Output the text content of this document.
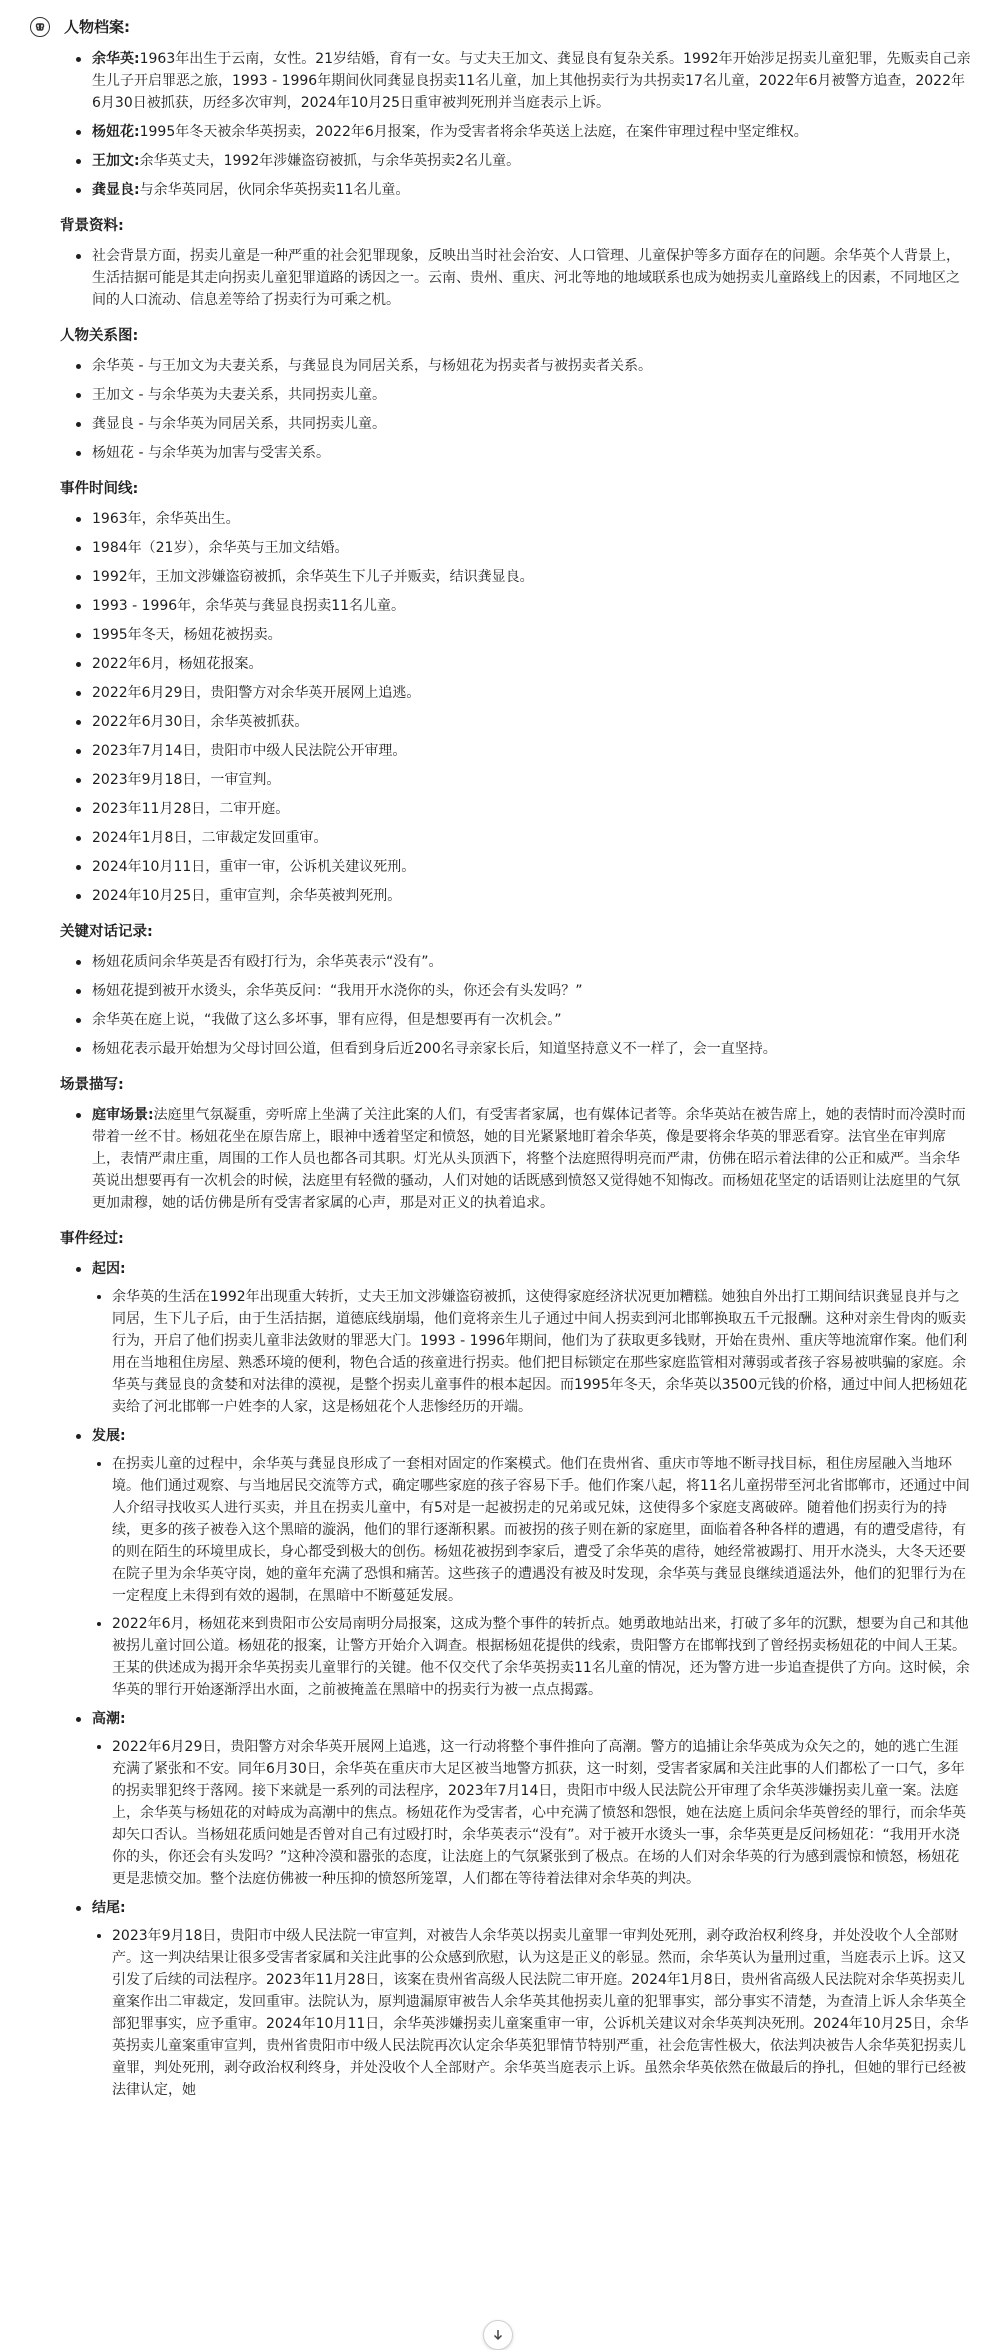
人物档案:
余华英:1963年出生于云南，女性。21岁结婚，育有一女。与丈夫王加文、龚显良有复杂关系。1992年开始涉足拐卖儿童犯罪，先贩卖自己亲生儿子开启罪恶之旅，1993 - 1996年期间伙同龚显良拐卖11名儿童，加上其他拐卖行为共拐卖17名儿童，2022年6月被警方追查，2022年6月30日被抓获，历经多次审判，2024年10月25日重审被判死刑并当庭表示上诉。
杨妞花:1995年冬天被余华英拐卖，2022年6月报案，作为受害者将余华英送上法庭，在案件审理过程中坚定维权。
王加文:余华英丈夫，1992年涉嫌盗窃被抓，与余华英拐卖2名儿童。
龚显良:与余华英同居，伙同余华英拐卖11名儿童。
背景资料:
社会背景方面，拐卖儿童是一种严重的社会犯罪现象，反映出当时社会治安、人口管理、儿童保护等多方面存在的问题。余华英个人背景上，生活拮据可能是其走向拐卖儿童犯罪道路的诱因之一。云南、贵州、重庆、河北等地的地域联系也成为她拐卖儿童路线上的因素，不同地区之间的人口流动、信息差等给了拐卖行为可乘之机。
人物关系图:
余华英 - 与王加文为夫妻关系，与龚显良为同居关系，与杨妞花为拐卖者与被拐卖者关系。
王加文 - 与余华英为夫妻关系，共同拐卖儿童。
龚显良 - 与余华英为同居关系，共同拐卖儿童。
杨妞花 - 与余华英为加害与受害关系。
事件时间线:
1963年，余华英出生。
1984年（21岁），余华英与王加文结婚。
1992年，王加文涉嫌盗窃被抓，余华英生下儿子并贩卖，结识龚显良。
1993 - 1996年，余华英与龚显良拐卖11名儿童。
1995年冬天，杨妞花被拐卖。
2022年6月，杨妞花报案。
2022年6月29日，贵阳警方对余华英开展网上追逃。
2022年6月30日，余华英被抓获。
2023年7月14日，贵阳市中级人民法院公开审理。
2023年9月18日，一审宣判。
2023年11月28日，二审开庭。
2024年1月8日，二审裁定发回重审。
2024年10月11日，重审一审，公诉机关建议死刑。
2024年10月25日，重审宣判，余华英被判死刑。
关键对话记录:
杨妞花质问余华英是否有殴打行为，余华英表示“没有”。
杨妞花提到被开水烫头，余华英反问：“我用开水浇你的头，你还会有头发吗？”
余华英在庭上说，“我做了这么多坏事，罪有应得，但是想要再有一次机会。”
杨妞花表示最开始想为父母讨回公道，但看到身后近200名寻亲家长后，知道坚持意义不一样了，会一直坚持。
场景描写:
庭审场景:法庭里气氛凝重，旁听席上坐满了关注此案的人们，有受害者家属，也有媒体记者等。余华英站在被告席上，她的表情时而冷漠时而带着一丝不甘。杨妞花坐在原告席上，眼神中透着坚定和愤怒，她的目光紧紧地盯着余华英，像是要将余华英的罪恶看穿。法官坐在审判席上，表情严肃庄重，周围的工作人员也都各司其职。灯光从头顶洒下，将整个法庭照得明亮而严肃，仿佛在昭示着法律的公正和威严。当余华英说出想要再有一次机会的时候，法庭里有轻微的骚动，人们对她的话既感到愤怒又觉得她不知悔改。而杨妞花坚定的话语则让法庭里的气氛更加肃穆，她的话仿佛是所有受害者家属的心声，那是对正义的执着追求。
事件经过:
起因:
余华英的生活在1992年出现重大转折，丈夫王加文涉嫌盗窃被抓，这使得家庭经济状况更加糟糕。她独自外出打工期间结识龚显良并与之同居，生下儿子后，由于生活拮据，道德底线崩塌，他们竟将亲生儿子通过中间人拐卖到河北邯郸换取五千元报酬。这种对亲生骨肉的贩卖行为，开启了他们拐卖儿童非法敛财的罪恶大门。1993 - 1996年期间，他们为了获取更多钱财，开始在贵州、重庆等地流窜作案。他们利用在当地租住房屋、熟悉环境的便利，物色合适的孩童进行拐卖。他们把目标锁定在那些家庭监管相对薄弱或者孩子容易被哄骗的家庭。余华英与龚显良的贪婪和对法律的漠视，是整个拐卖儿童事件的根本起因。而1995年冬天，余华英以3500元钱的价格，通过中间人把杨妞花卖给了河北邯郸一户姓李的人家，这是杨妞花个人悲惨经历的开端。
发展:
在拐卖儿童的过程中，余华英与龚显良形成了一套相对固定的作案模式。他们在贵州省、重庆市等地不断寻找目标，租住房屋融入当地环境。他们通过观察、与当地居民交流等方式，确定哪些家庭的孩子容易下手。他们作案八起，将11名儿童拐带至河北省邯郸市，还通过中间人介绍寻找收买人进行买卖，并且在拐卖儿童中，有5对是一起被拐走的兄弟或兄妹，这使得多个家庭支离破碎。随着他们拐卖行为的持续，更多的孩子被卷入这个黑暗的漩涡，他们的罪行逐渐积累。而被拐的孩子则在新的家庭里，面临着各种各样的遭遇，有的遭受虐待，有的则在陌生的环境里成长，身心都受到极大的创伤。杨妞花被拐到李家后，遭受了余华英的虐待，她经常被踢打、用开水浇头，大冬天还要在院子里为余华英守岗，她的童年充满了恐惧和痛苦。这些孩子的遭遇没有被及时发现，余华英与龚显良继续逍遥法外，他们的犯罪行为在一定程度上未得到有效的遏制，在黑暗中不断蔓延发展。
2022年6月，杨妞花来到贵阳市公安局南明分局报案，这成为整个事件的转折点。她勇敢地站出来，打破了多年的沉默，想要为自己和其他被拐儿童讨回公道。杨妞花的报案，让警方开始介入调查。根据杨妞花提供的线索，贵阳警方在邯郸找到了曾经拐卖杨妞花的中间人王某。王某的供述成为揭开余华英拐卖儿童罪行的关键。他不仅交代了余华英拐卖11名儿童的情况，还为警方进一步追查提供了方向。这时候，余华英的罪行开始逐渐浮出水面，之前被掩盖在黑暗中的拐卖行为被一点点揭露。
高潮:
2022年6月29日，贵阳警方对余华英开展网上追逃，这一行动将整个事件推向了高潮。警方的追捕让余华英成为众矢之的，她的逃亡生涯充满了紧张和不安。同年6月30日，余华英在重庆市大足区被当地警方抓获，这一时刻，受害者家属和关注此事的人们都松了一口气，多年的拐卖罪犯终于落网。接下来就是一系列的司法程序，2023年7月14日，贵阳市中级人民法院公开审理了余华英涉嫌拐卖儿童一案。法庭上，余华英与杨妞花的对峙成为高潮中的焦点。杨妞花作为受害者，心中充满了愤怒和怨恨，她在法庭上质问余华英曾经的罪行，而余华英却矢口否认。当杨妞花质问她是否曾对自己有过殴打时，余华英表示“没有”。对于被开水烫头一事，余华英更是反问杨妞花：“我用开水浇你的头，你还会有头发吗？”这种冷漠和嚣张的态度，让法庭上的气氛紧张到了极点。在场的人们对余华英的行为感到震惊和愤怒，杨妞花更是悲愤交加。整个法庭仿佛被一种压抑的愤怒所笼罩，人们都在等待着法律对余华英的判决。
结尾:
2023年9月18日，贵阳市中级人民法院一审宣判，对被告人余华英以拐卖儿童罪一审判处死刑，剥夺政治权利终身，并处没收个人全部财产。这一判决结果让很多受害者家属和关注此事的公众感到欣慰，认为这是正义的彰显。然而，余华英认为量刑过重，当庭表示上诉。这又引发了后续的司法程序。2023年11月28日，该案在贵州省高级人民法院二审开庭。2024年1月8日，贵州省高级人民法院对余华英拐卖儿童案作出二审裁定，发回重审。法院认为，原判遗漏原审被告人余华英其他拐卖儿童的犯罪事实，部分事实不清楚，为查清上诉人余华英全部犯罪事实，应予重审。2024年10月11日，余华英涉嫌拐卖儿童案重审一审，公诉机关建议对余华英判决死刑。2024年10月25日，余华英拐卖儿童案重审宣判，贵州省贵阳市中级人民法院再次认定余华英犯罪情节特别严重，社会危害性极大，依法判决被告人余华英犯拐卖儿童罪，判处死刑，剥夺政治权利终身，并处没收个人全部财产。余华英当庭表示上诉。虽然余华英依然在做最后的挣扎，但她的罪行已经被法律认定，她
